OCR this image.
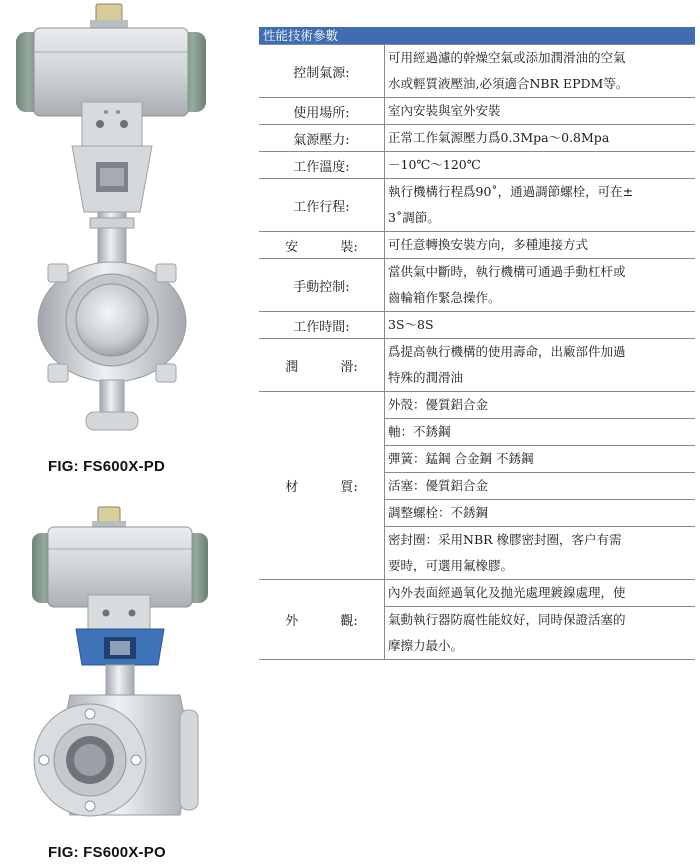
FIG: FS600X-PD
FIG: FS600X-PO
性能技術參數
控制氣源:
可用經過濾的幹燥空氣或添加潤滑油的空氣
水或輕質液壓油,必須適合NBR EPDM等。
使用場所:	室內安裝與室外安裝
氣源壓力:	正常工作氣源壓力爲0.3Mpa～0.8Mpa
工作溫度:	－10℃～120℃
工作行程:
執行機構行程爲90˚，通過調節螺栓，可在±
3˚調節。
安	裝: 可任意轉換安裝方向，多種連接方式
手動控制:
當供氣中斷時，執行機構可通過手動杠杆或
齒輪箱作緊急操作。
工作時間:	3S～8S
潤	滑:
爲提高執行機構的使用壽命，出廠部件加過
特殊的潤滑油
材	質:
外殼：優質鋁合金
軸：不銹鋼
彈簧：錳鋼 合金鋼 不銹鋼
活塞：優質鋁合金
調整螺栓：不銹鋼
密封圈：采用NBR 橡膠密封圈，客户有需
要時，可選用氟橡膠。
外	觀:
內外表面經過氧化及抛光處理鍍鎳處理，使
氣動執行器防腐性能妏好，同時保證活塞的
摩擦力最小。
